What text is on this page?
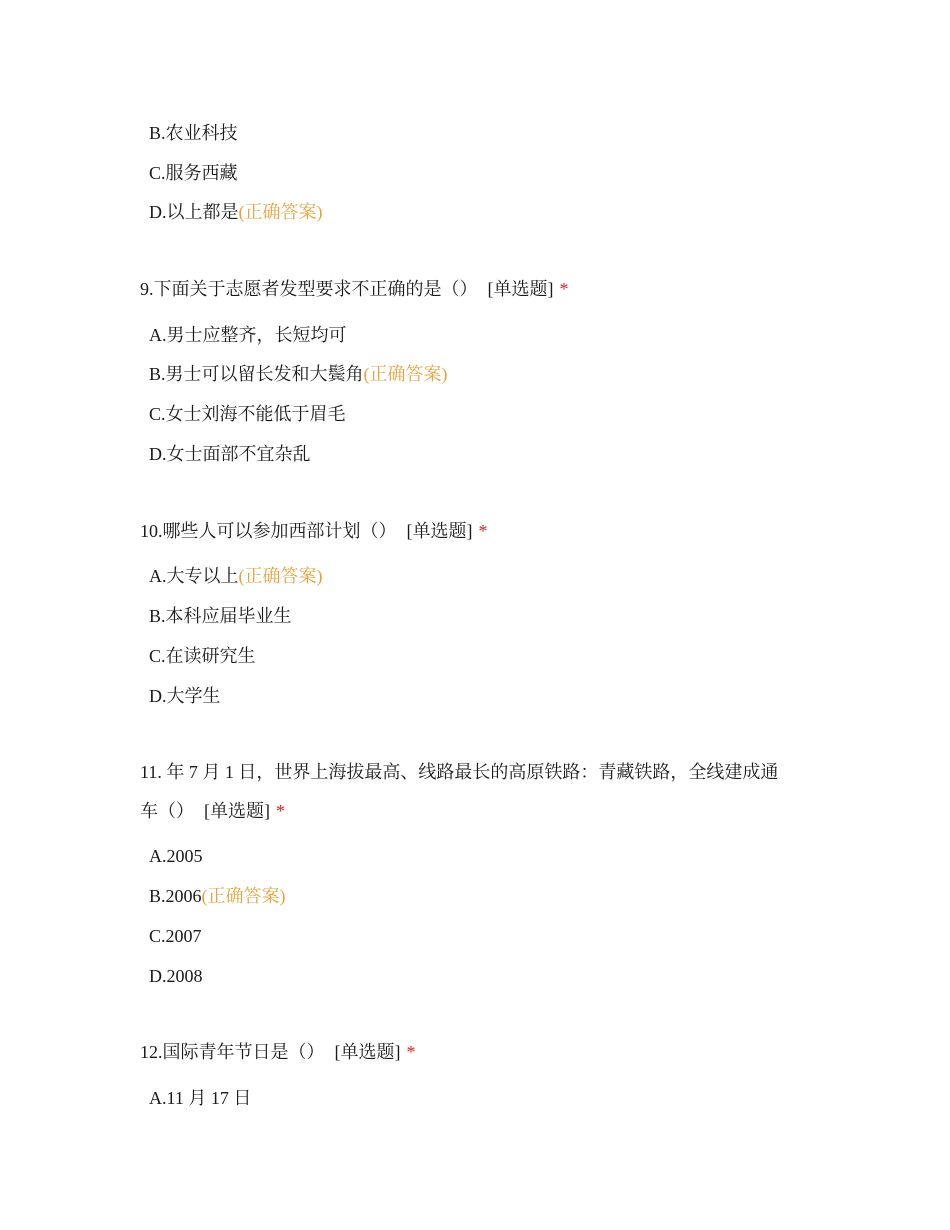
B.农业科技
C.服务西藏
D.以上都是(正确答案)
9.下面关于志愿者发型要求不正确的是（） [单选题] *
A.男士应整齐，长短均可
B.男士可以留长发和大鬓角(正确答案)
C.女士刘海不能低于眉毛
D.女士面部不宜杂乱
10.哪些人可以参加西部计划（） [单选题] *
A.大专以上(正确答案)
B.本科应届毕业生
C.在读研究生
D.大学生
11. 年 7 月 1 日，世界上海拔最高、线路最长的高原铁路：青藏铁路，全线建成通
车（） [单选题] *
A.2005
B.2006(正确答案)
C.2007
D.2008
12.国际青年节日是（） [单选题] *
A.11 月 17 日
